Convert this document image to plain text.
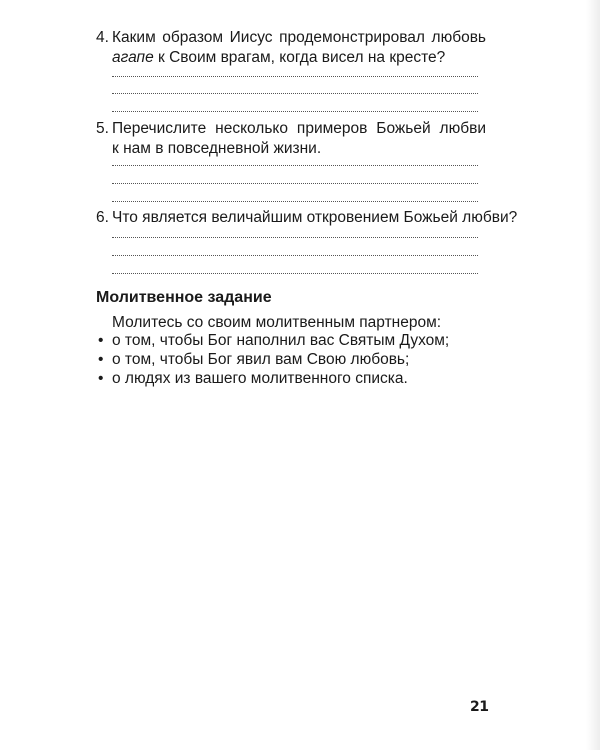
4. Каким образом Иисус продемонстрировал любовь
агапе к Своим врагам, когда висел на кресте?
5. Перечислите несколько примеров Божьей любви
к нам в повседневной жизни.
6. Что является величайшим откровением Божьей любви?
Молитвенное задание
Молитесь со своим молитвенным партнером:
• о том, чтобы Бог наполнил вас Святым Духом;
• о том, чтобы Бог явил вам Свою любовь;
• о людях из вашего молитвенного списка.
21
